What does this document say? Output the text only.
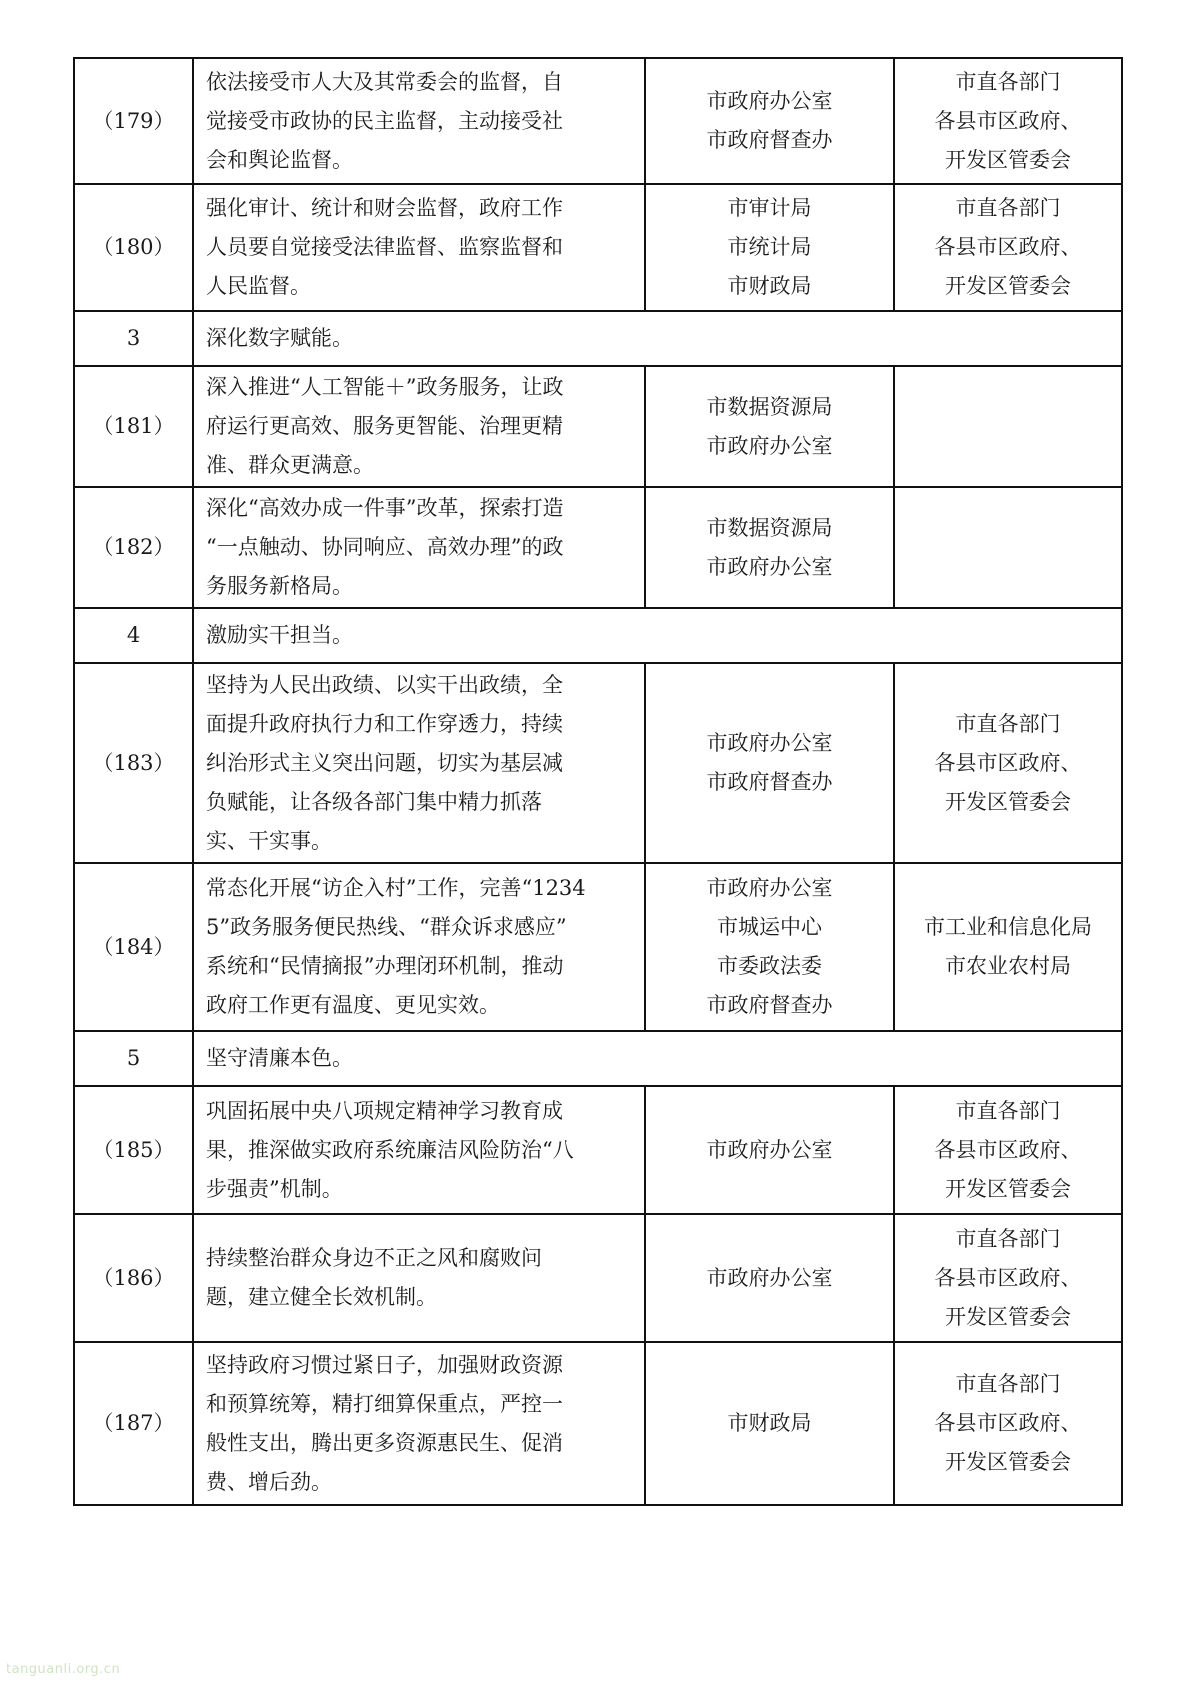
（179）	依法接受市人大及其常委会的监督，自
觉接受市政协的民主监督，主动接受社
会和舆论监督。	市政府办公室
市政府督查办	市直各部门
各县市区政府、
开发区管委会

（180）	强化审计、统计和财会监督，政府工作
人员要自觉接受法律监督、监察监督和
人民监督。	市审计局
市统计局
市财政局	市直各部门
各县市区政府、
开发区管委会

3	深化数字赋能。		
（181）	深入推进“人工智能＋”政务服务，让政
府运行更高效、服务更智能、治理更精
准、群众更满意。	市数据资源局
市政府办公室	

（182）	深化“高效办成一件事”改革，探索打造
“一点触动、协同响应、高效办理”的政
务服务新格局。	市数据资源局
市政府办公室	

4	激励实干担当。		
（183）	坚持为人民出政绩、以实干出政绩，全
面提升政府执行力和工作穿透力，持续
纠治形式主义突出问题，切实为基层减
负赋能，让各级各部门集中精力抓落
实、干实事。	市政府办公室
市政府督查办	市直各部门
各县市区政府、
开发区管委会

（184）	常态化开展“访企入村”工作，完善“1234
5”政务服务便民热线、“群众诉求感应”
系统和“民情摘报”办理闭环机制，推动
政府工作更有温度、更见实效。	市政府办公室
市城运中心
市委政法委
市政府督查办	市工业和信息化局
市农业农村局

5	坚守清廉本色。		
（185）	巩固拓展中央八项规定精神学习教育成
果，推深做实政府系统廉洁风险防治“八
步强责”机制。	市政府办公室	市直各部门
各县市区政府、
开发区管委会

（186）	持续整治群众身边不正之风和腐败问
题，建立健全长效机制。	市政府办公室	市直各部门
各县市区政府、
开发区管委会

（187）	坚持政府习惯过紧日子，加强财政资源
和预算统筹，精打细算保重点，严控一
般性支出，腾出更多资源惠民生、促消
费、增后劲。	市财政局	市直各部门
各县市区政府、
开发区管委会
tanguanli.org.cn
